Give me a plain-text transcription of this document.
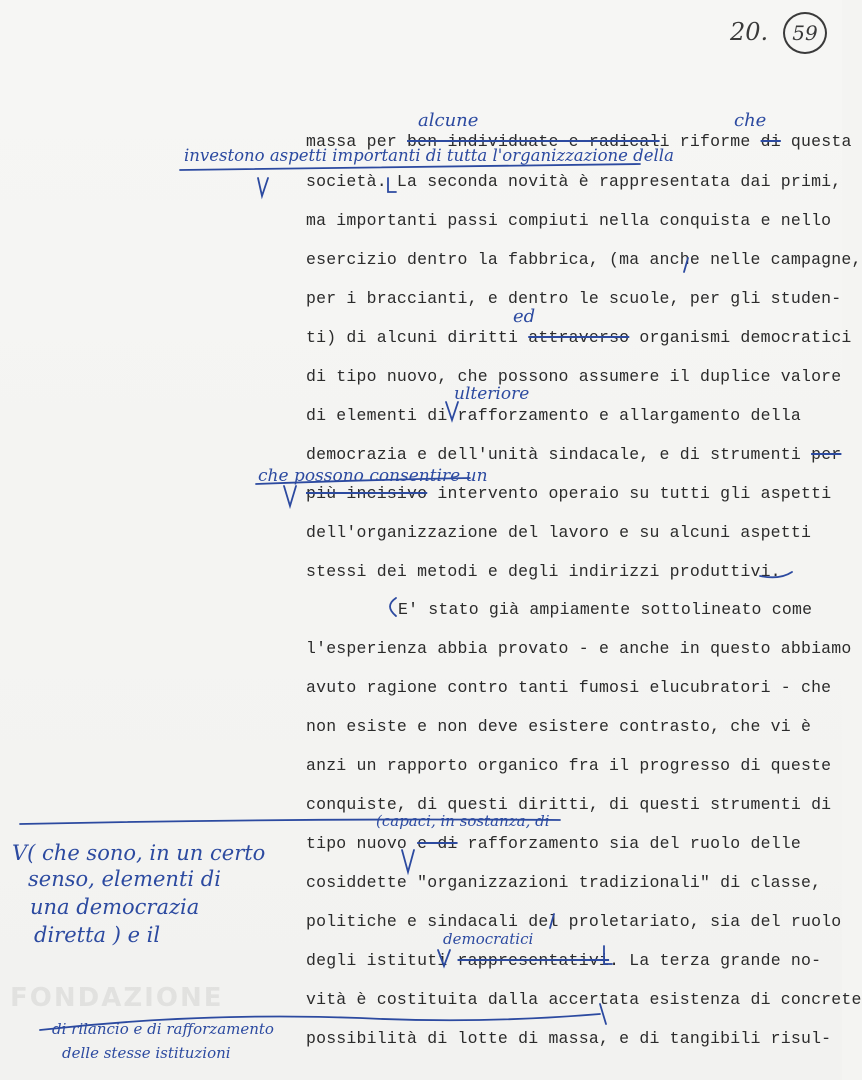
20.	59
FONDAZIONE
massa per ben individuate e radicali riforme di questa
società. La seconda novità è rappresentata dai primi,
ma importanti passi compiuti nella conquista e nello
esercizio dentro la fabbrica, (ma anche nelle campagne,
per i braccianti, e dentro le scuole, per gli studen-
ti) di alcuni diritti attraverso organismi democratici
di tipo nuovo, che possono assumere il duplice valore
di elementi di rafforzamento e allargamento della
democrazia e dell'unità sindacale, e di strumenti per
più incisivo intervento operaio su tutti gli aspetti
dell'organizzazione del lavoro e su alcuni aspetti
stessi dei metodi e degli indirizzi produttivi.
E' stato già ampiamente sottolineato come
l'esperienza abbia provato - e anche in questo abbiamo
avuto ragione contro tanti fumosi elucubratori - che
non esiste e non deve esistere contrasto, che vi è
anzi un rapporto organico fra il progresso di queste
conquiste, di questi diritti, di questi strumenti di
tipo nuovo e di rafforzamento sia del ruolo delle
cosiddette "organizzazioni tradizionali" di classe,
politiche e sindacali del proletariato, sia del ruolo
degli istituti rappresentativi. La terza grande no-
vità è costituita dalla accertata esistenza di concrete
possibilità di lotte di massa, e di tangibili risul-
alcune	che
investono aspetti importanti di tutta l'organizzazione della
ed
ulteriore
che possono consentire un
(capaci, in sostanza, di
democratici
V( che sono, in un certo
senso, elementi di
una democrazia
diretta ) e il
di rilancio e di rafforzamento
delle stesse istituzioni
